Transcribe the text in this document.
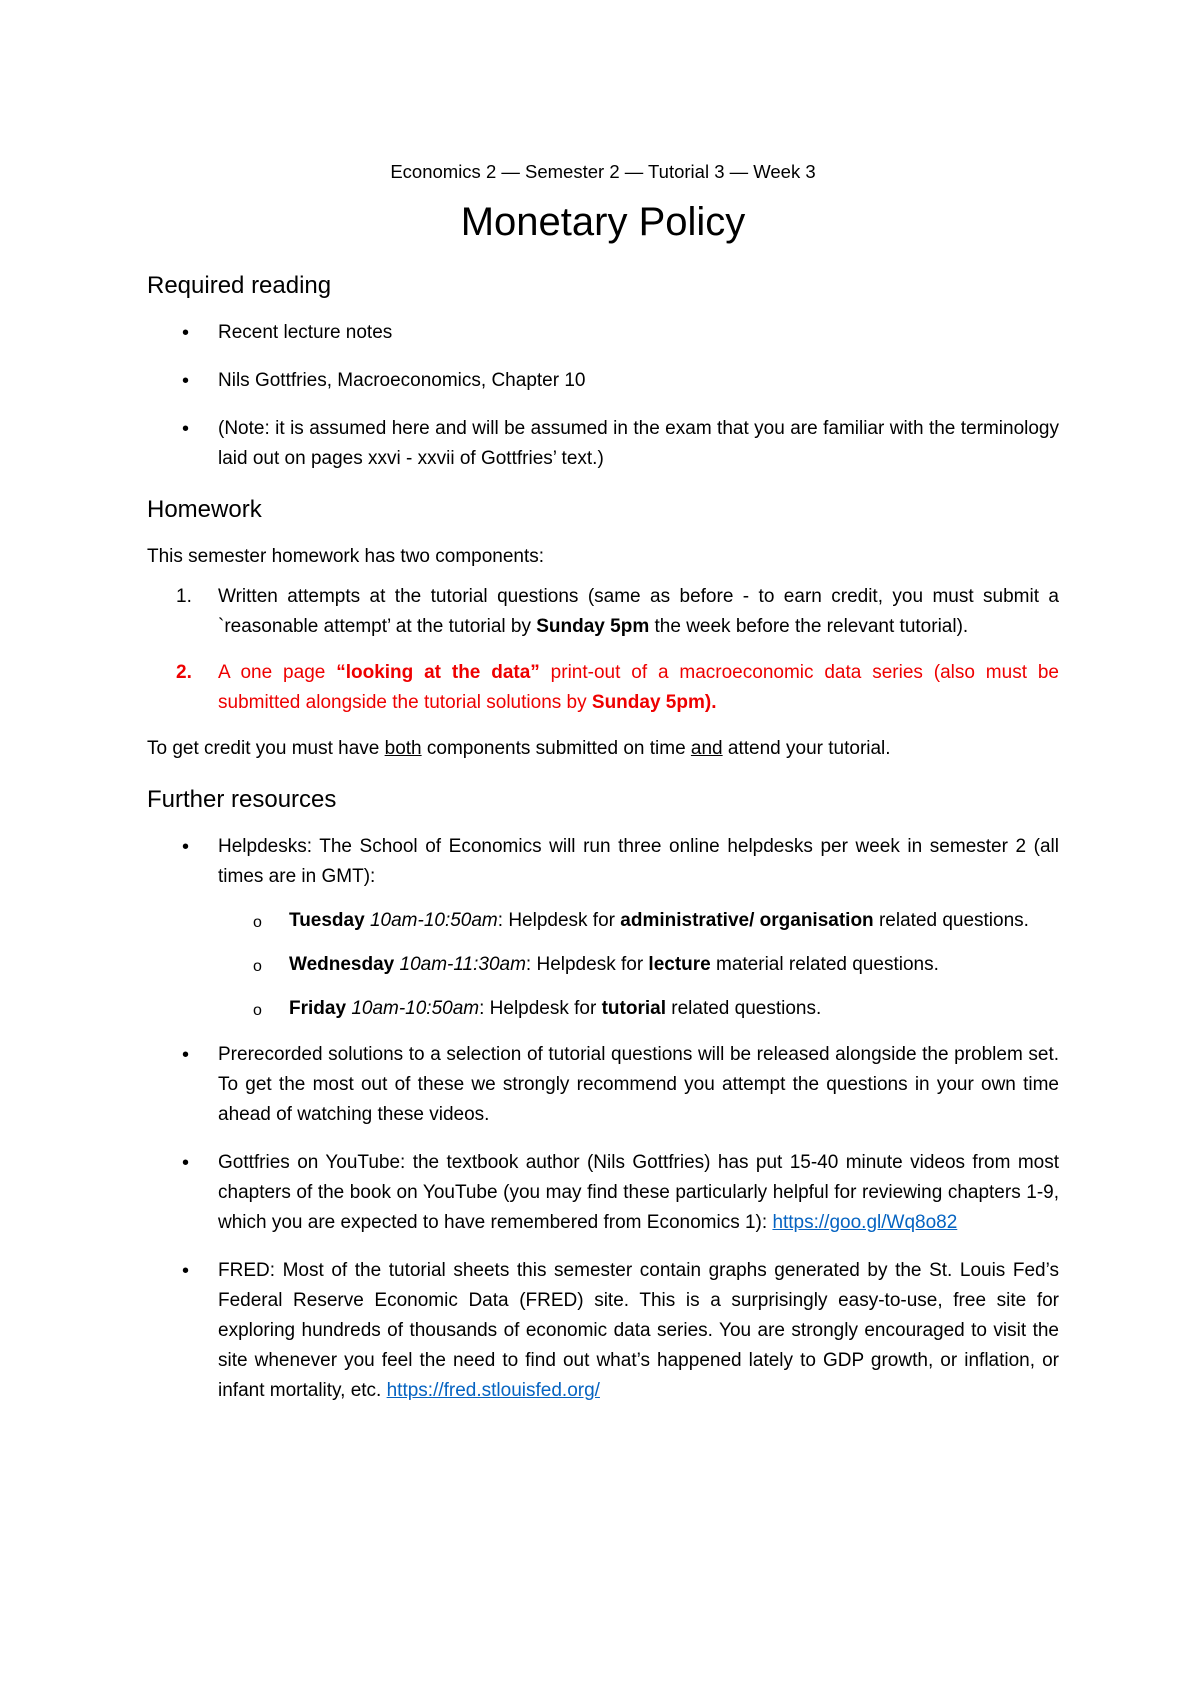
Economics 2 — Semester 2 — Tutorial 3 — Week 3

Monetary Policy
Required reading
• Recent lecture notes
• Nils Gottfries, Macroeconomics, Chapter 10
• (Note: it is assumed here and will be assumed in the exam that you are familiar with the terminology laid out on pages xxvi - xxvii of Gottfries’ text.)
Homework

This semester homework has two components:

1. Written attempts at the tutorial questions (same as before - to earn credit, you must submit a `reasonable attempt’ at the tutorial by Sunday 5pm the week before the relevant tutorial).
2. A one page “looking at the data” print-out of a macroeconomic data series (also must be submitted alongside the tutorial solutions by Sunday 5pm).

To get credit you must have both components submitted on time and attend your tutorial.

Further resources
• Helpdesks: The School of Economics will run three online helpdesks per week in semester 2 (all times are in GMT):
o Tuesday 10am-10:50am: Helpdesk for administrative/ organisation related questions.
o Wednesday 10am-11:30am: Helpdesk for lecture material related questions.
o Friday 10am-10:50am: Helpdesk for tutorial related questions.
• Prerecorded solutions to a selection of tutorial questions will be released alongside the problem set. To get the most out of these we strongly recommend you attempt the questions in your own time ahead of watching these videos.
• Gottfries on YouTube: the textbook author (Nils Gottfries) has put 15-40 minute videos from most chapters of the book on YouTube (you may find these particularly helpful for reviewing chapters 1-9, which you are expected to have remembered from Economics 1): https://goo.gl/Wq8o82
• FRED: Most of the tutorial sheets this semester contain graphs generated by the St. Louis Fed’s Federal Reserve Economic Data (FRED) site. This is a surprisingly easy-to-use, free site for exploring hundreds of thousands of economic data series. You are strongly encouraged to visit the site whenever you feel the need to find out what’s happened lately to GDP growth, or inflation, or infant mortality, etc. https://fred.stlouisfed.org/
